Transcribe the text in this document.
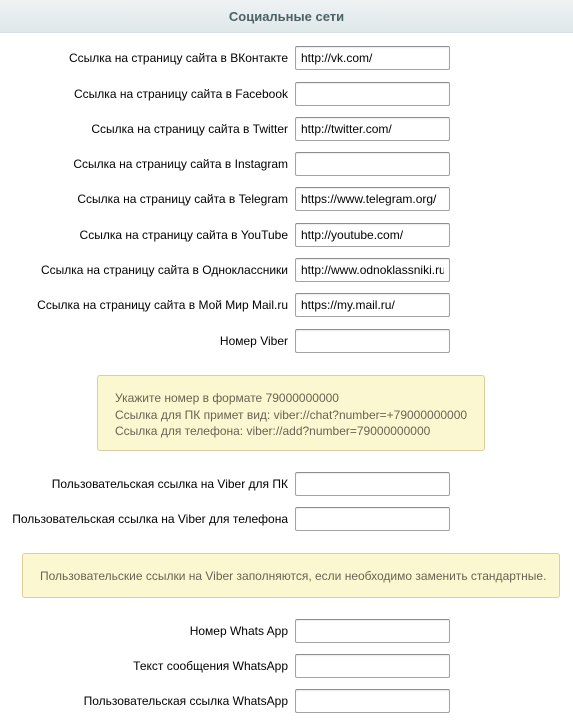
Социальные сети
Ссылка на страницу сайта в ВКонтакте
http://vk.com/
Ссылка на страницу сайта в Facebook
Ссылка на страницу сайта в Twitter
http://twitter.com/
Ссылка на страницу сайта в Instagram
Ссылка на страницу сайта в Telegram
https://www.telegram.org/
Ссылка на страницу сайта в YouTube
http://youtube.com/
Ссылка на страницу сайта в Одноклассники
http://www.odnoklassniki.ru/
Ссылка на страницу сайта в Мой Мир Mail.ru
https://my.mail.ru/
Номер Viber
Укажите номер в формате 79000000000
Ссылка для ПК примет вид: viber://chat?number=+79000000000
Ссылка для телефона: viber://add?number=79000000000
Пользовательская ссылка на Viber для ПК
Пользовательская ссылка на Viber для телефона
Пользовательские ссылки на Viber заполняются, если необходимо заменить стандартные.
Номер Whats App
Текст сообщения WhatsApp
Пользовательская ссылка WhatsApp
